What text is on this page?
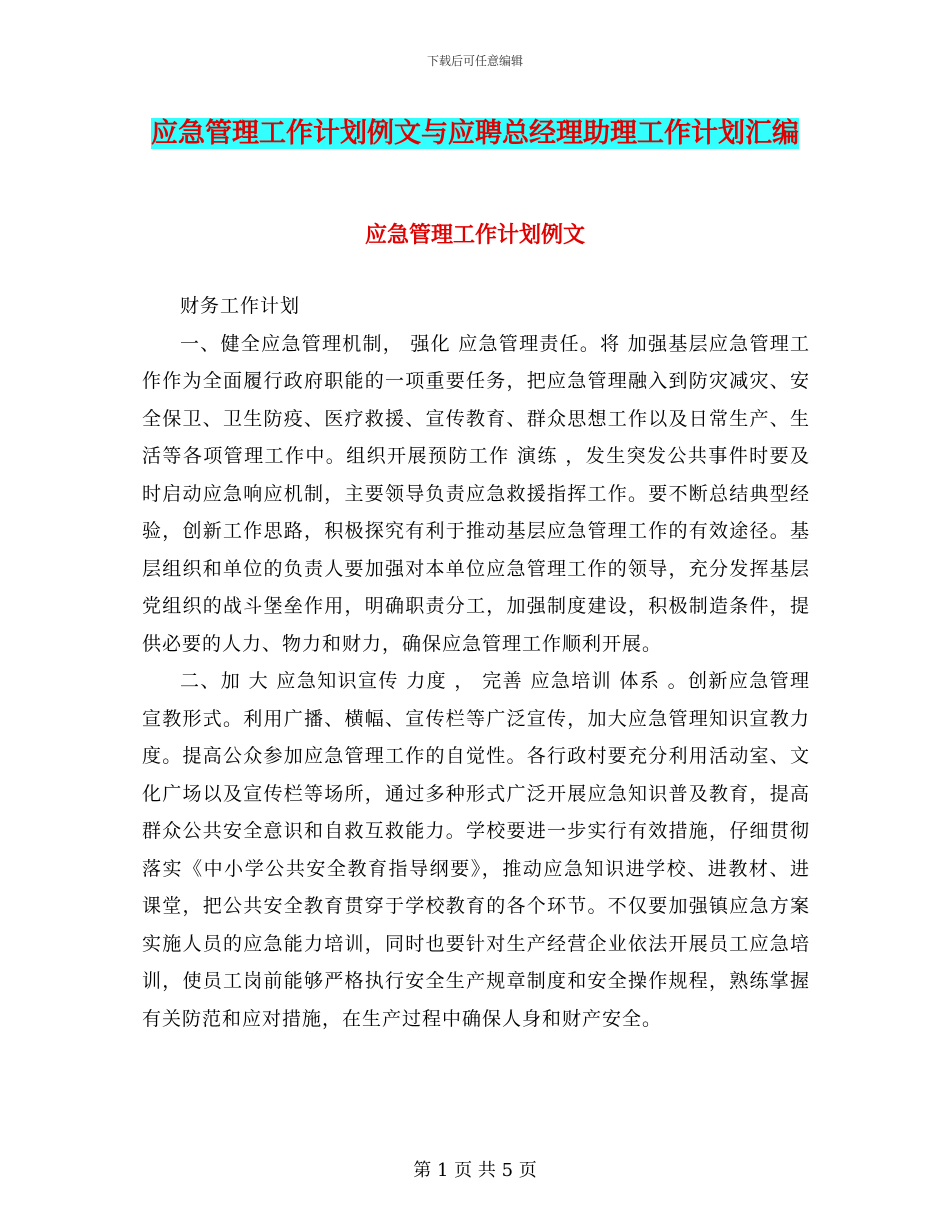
下载后可任意编辑
应急管理工作计划例文与应聘总经理助理工作计划汇编
应急管理工作计划例文

财务工作计划

一、健全应急管理机制， 强化 应急管理责任。将 加强基层应急管理工作作为全面履行政府职能的一项重要任务，把应急管理融入到防灾减灾、安全保卫、卫生防疫、医疗救援、宣传教育、群众思想工作以及日常生产、生活等各项管理工作中。组织开展预防工作 演练 ，发生突发公共事件时要及时启动应急响应机制，主要领导负责应急救援指挥工作。要不断总结典型经验，创新工作思路，积极探究有利于推动基层应急管理工作的有效途径。基层组织和单位的负责人要加强对本单位应急管理工作的领导，充分发挥基层党组织的战斗堡垒作用，明确职责分工，加强制度建设，积极制造条件，提供必要的人力、物力和财力，确保应急管理工作顺利开展。

二、加 大 应急知识宣传 力度 ， 完善 应急培训 体系 。创新应急管理宣教形式。利用广播、横幅、宣传栏等广泛宣传，加大应急管理知识宣教力度。提高公众参加应急管理工作的自觉性。各行政村要充分利用活动室、文化广场以及宣传栏等场所，通过多种形式广泛开展应急知识普及教育，提高群众公共安全意识和自救互救能力。学校要进一步实行有效措施，仔细贯彻落实《中小学公共安全教育指导纲要》，推动应急知识进学校、进教材、进课堂，把公共安全教育贯穿于学校教育的各个环节。不仅要加强镇应急方案实施人员的应急能力培训，同时也要针对生产经营企业依法开展员工应急培训，使员工岗前能够严格执行安全生产规章制度和安全操作规程，熟练掌握有关防范和应对措施，在生产过程中确保人身和财产安全。

第 1 页 共 5 页
